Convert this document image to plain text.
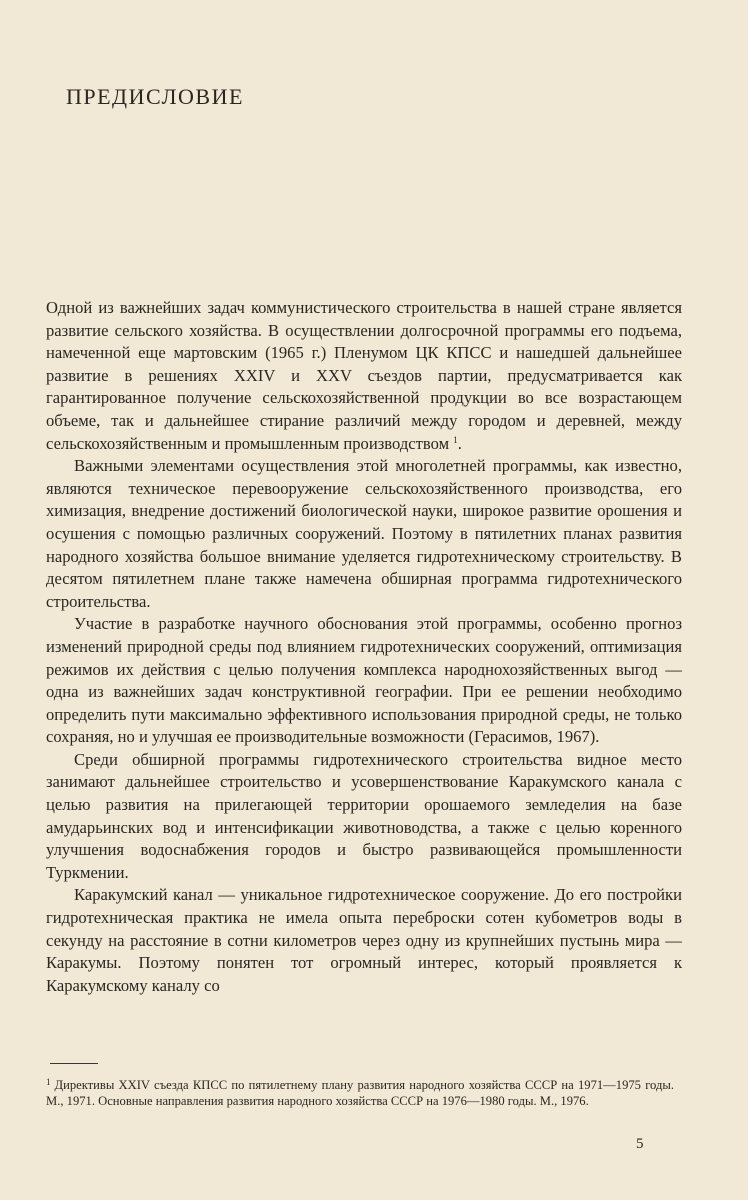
ПРЕДИСЛОВИЕ

Одной из важнейших задач коммунистического строительства в нашей стране является развитие сельского хозяйства. В осуществлении долгосрочной программы его подъема, намеченной еще мартовским (1965 г.) Пленумом ЦК КПСС и нашедшей дальнейшее развитие в решениях XXIV и XXV съездов партии, предусматривается как гарантированное получение сельскохозяйственной продукции во все возрастающем объеме, так и дальнейшее стирание различий между городом и деревней, между сельскохозяйственным и промышленным производством $^1$.

Важными элементами осуществления этой многолетней программы, как известно, являются техническое перевооружение сельскохозяйственного производства, его химизация, внедрение достижений биологической науки, широкое развитие орошения и осушения с помощью различных сооружений. Поэтому в пятилетних планах развития народного хозяйства большое внимание уделяется гидротехническому строительству. В десятом пятилетнем плане также намечена обширная программа гидротехнического строительства.

Участие в разработке научного обоснования этой программы, особенно прогноз изменений природной среды под влиянием гидротехнических сооружений, оптимизация режимов их действия с целью получения комплекса народнохозяйственных выгод — одна из важнейших задач конструктивной географии. При ее решении необходимо определить пути максимально эффективного использования природной среды, не только сохраняя, но и улучшая ее производительные возможности (Герасимов, 1967).

Среди обширной программы гидротехнического строительства видное место занимают дальнейшее строительство и усовершенствование Каракумского канала с целью развития на прилегающей территории орошаемого земледелия на базе амударьинских вод и интенсификации животноводства, а также с целью коренного улучшения водоснабжения городов и быстро развивающейся промышленности Туркмении.

Каракумский канал — уникальное гидротехническое сооружение. До его постройки гидротехническая практика не имела опыта переброски сотен кубометров воды в секунду на расстояние в сотни километров через одну из крупнейших пустынь мира — Каракумы. Поэтому понятен тот огромный интерес, который проявляется к Каракумскому каналу со

$^1$ Директивы XXIV съезда КПСС по пятилетнему плану развития народного хозяйства СССР на 1971—1975 годы. М., 1971. Основные направления развития народного хозяйства СССР на 1976—1980 годы. М., 1976.
5
